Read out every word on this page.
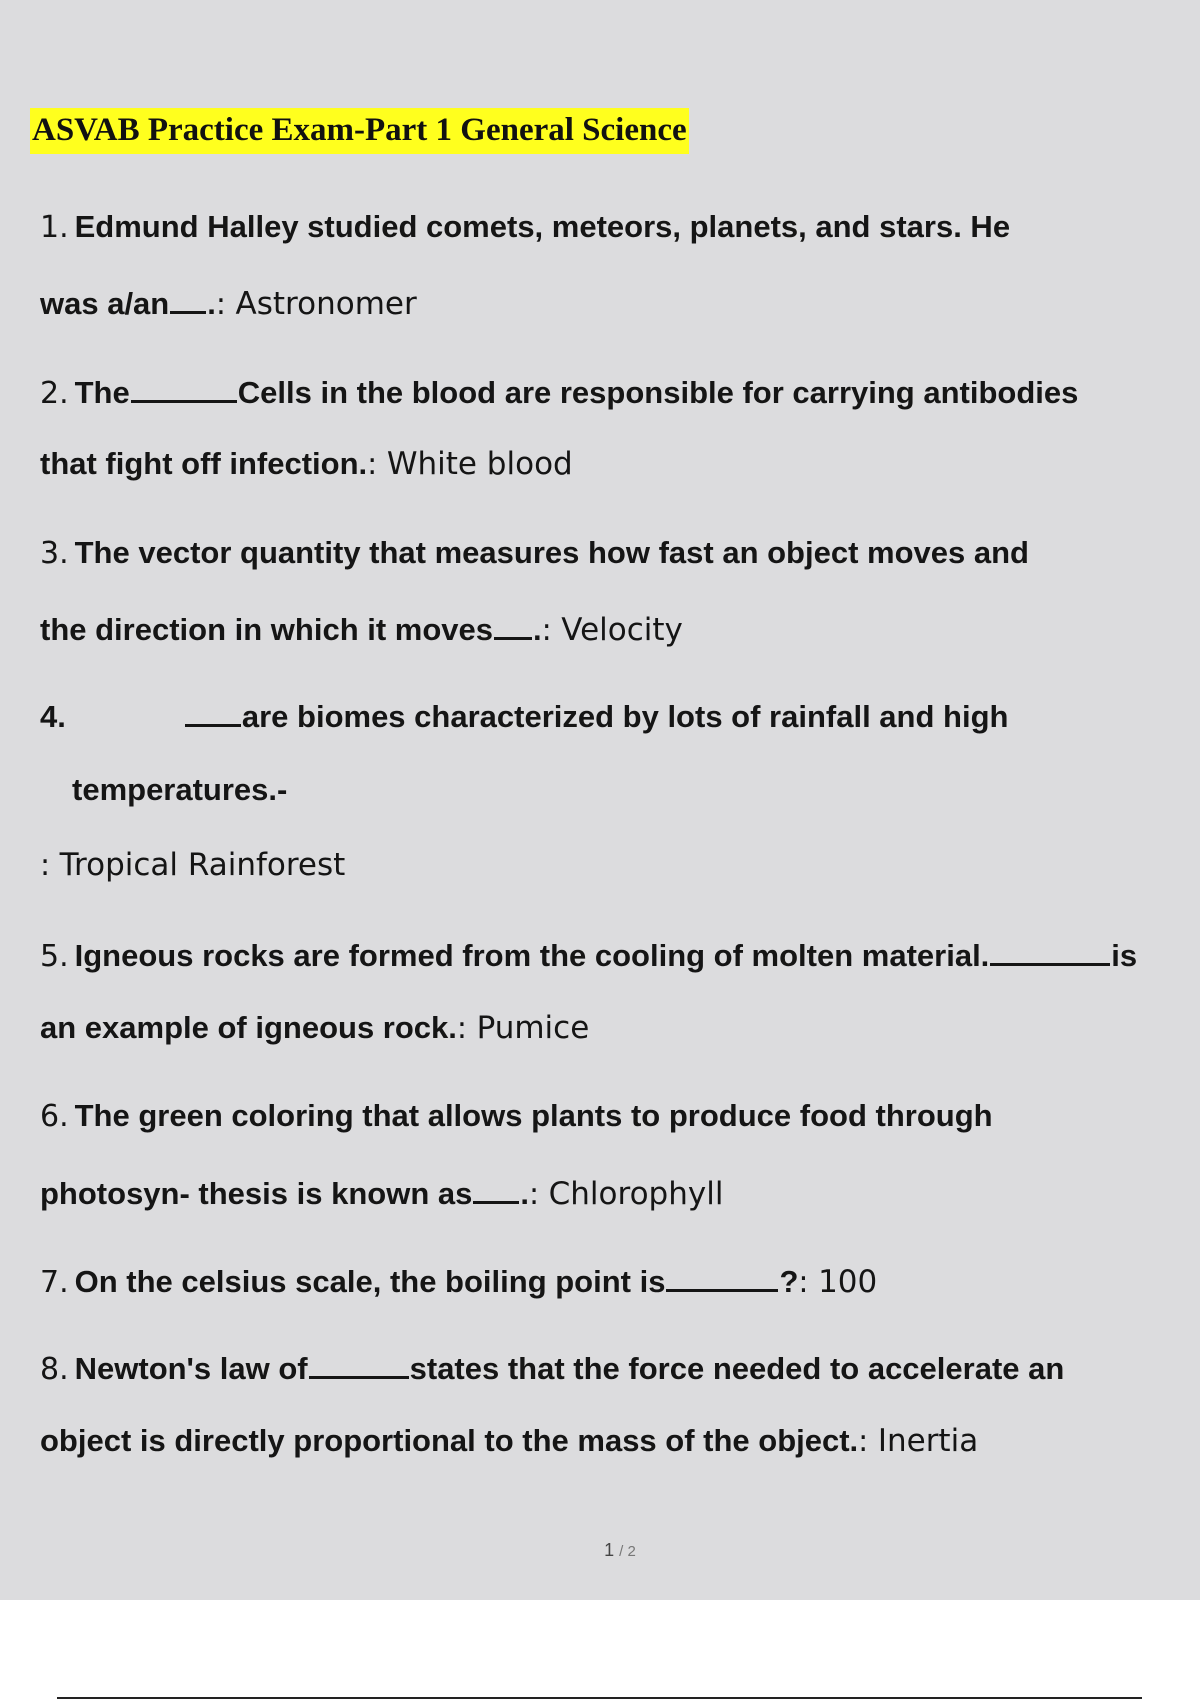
ASVAB Practice Exam-Part 1 General Science
1. Edmund Halley studied comets, meteors, planets, and stars. He
was a/an .: Astronomer
2. The	Cells in the blood are responsible for carrying antibodies
that fight off infection.: White blood
3. The vector quantity that measures how fast an object moves and
the direction in which it moves .: Velocity
4.	are biomes characterized by lots of rainfall and high
temperatures.-
: Tropical Rainforest
5. Igneous rocks are formed from the cooling of molten material.	is
an example of igneous rock.: Pumice
6. The green coloring that allows plants to produce food through
photosyn- thesis is known as .: Chlorophyll
7. On the celsius scale, the boiling point is	?: 100
8. Newton's law of	states that the force needed to accelerate an
object is directly proportional to the mass of the object.: Inertia
1 / 2
